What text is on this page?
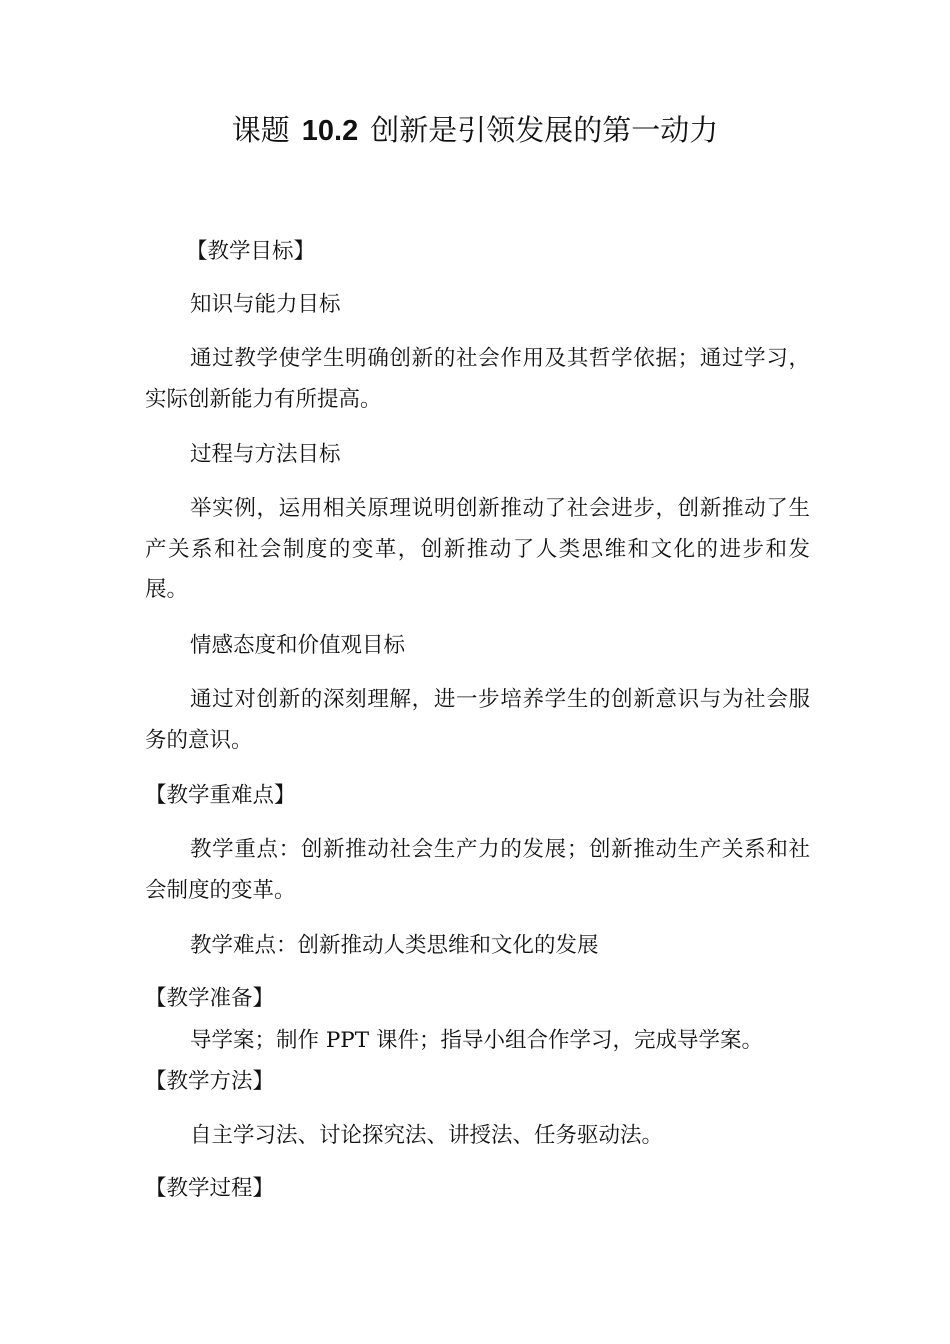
课题 10.2 创新是引领发展的第一动力
【教学目标】
知识与能力目标
通过教学使学生明确创新的社会作用及其哲学依据；通过学习，实际创新能力有所提高。
过程与方法目标
举实例，运用相关原理说明创新推动了社会进步，创新推动了生产关系和社会制度的变革，创新推动了人类思维和文化的进步和发展。
情感态度和价值观目标
通过对创新的深刻理解，进一步培养学生的创新意识与为社会服务的意识。
【教学重难点】
教学重点：创新推动社会生产力的发展；创新推动生产关系和社会制度的变革。
教学难点：创新推动人类思维和文化的发展
【教学准备】
导学案；制作 PPT 课件；指导小组合作学习，完成导学案。
【教学方法】
自主学习法、讨论探究法、讲授法、任务驱动法。
【教学过程】
